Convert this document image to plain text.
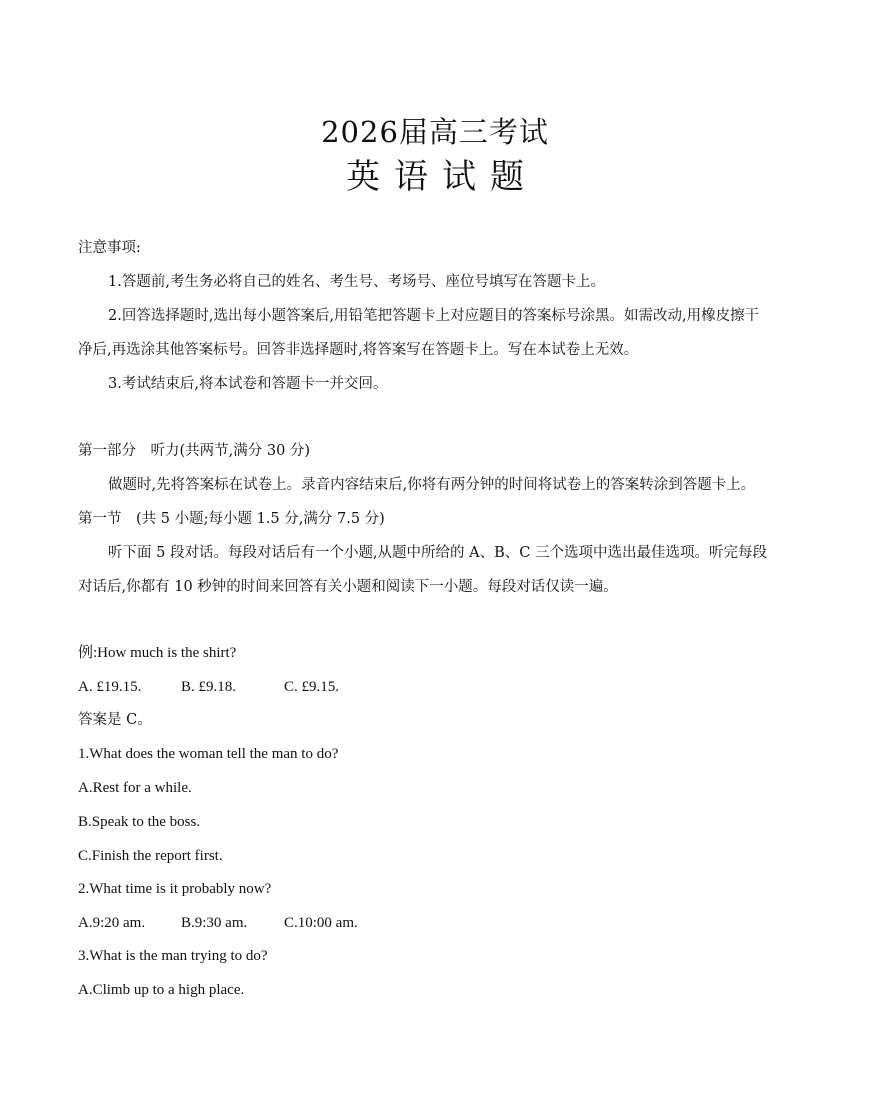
2026届高三考试
英语试题
注意事项:
1.答题前,考生务必将自己的姓名、考生号、考场号、座位号填写在答题卡上。
2.回答选择题时,选出每小题答案后,用铅笔把答题卡上对应题目的答案标号涂黑。如需改动,用橡皮擦干
净后,再选涂其他答案标号。回答非选择题时,将答案写在答题卡上。写在本试卷上无效。
3.考试结束后,将本试卷和答题卡一并交回。
第一部分　听力(共两节,满分 30 分)
做题时,先将答案标在试卷上。录音内容结束后,你将有两分钟的时间将试卷上的答案转涂到答题卡上。
第一节　(共 5 小题;每小题 1.5 分,满分 7.5 分)
听下面 5 段对话。每段对话后有一个小题,从题中所给的 A、B、C 三个选项中选出最佳选项。听完每段
对话后,你都有 10 秒钟的时间来回答有关小题和阅读下一小题。每段对话仅读一遍。
例:How much is the shirt?
A. £19.15.	B. £9.18.	C. £9.15.
答案是 C。
1.What does the woman tell the man to do?
A.Rest for a while.
B.Speak to the boss.
C.Finish the report first.
2.What time is it probably now?
A.9:20 am. B.9:30 am. C.10:00 am.
3.What is the man trying to do?
A.Climb up to a high place.
